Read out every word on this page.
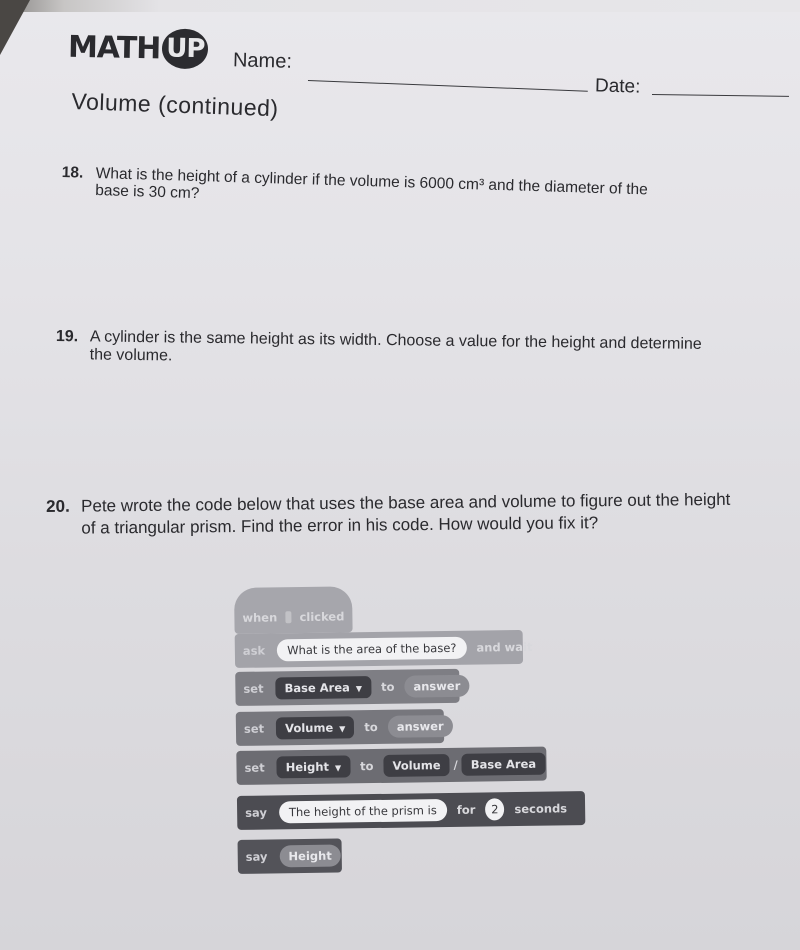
MATH UP Name:
Date:
Volume (continued)
18. What is the height of a cylinder if the volume is 6000 cm³ and the diameter of the base is 30 cm?
19. A cylinder is the same height as its width. Choose a value for the height and determine the volume.
20. Pete wrote the code below that uses the base area and volume to figure out the height of a triangular prism. Find the error in his code. How would you fix it?
when clicked
ask	What is the area of the base?	and wait
set	Base Area ▼	to	answer
set	Volume ▼	to	answer
set	Height ▼	to	Volume	/	Base Area
say	The height of the prism is	for	2	seconds
say	Height
